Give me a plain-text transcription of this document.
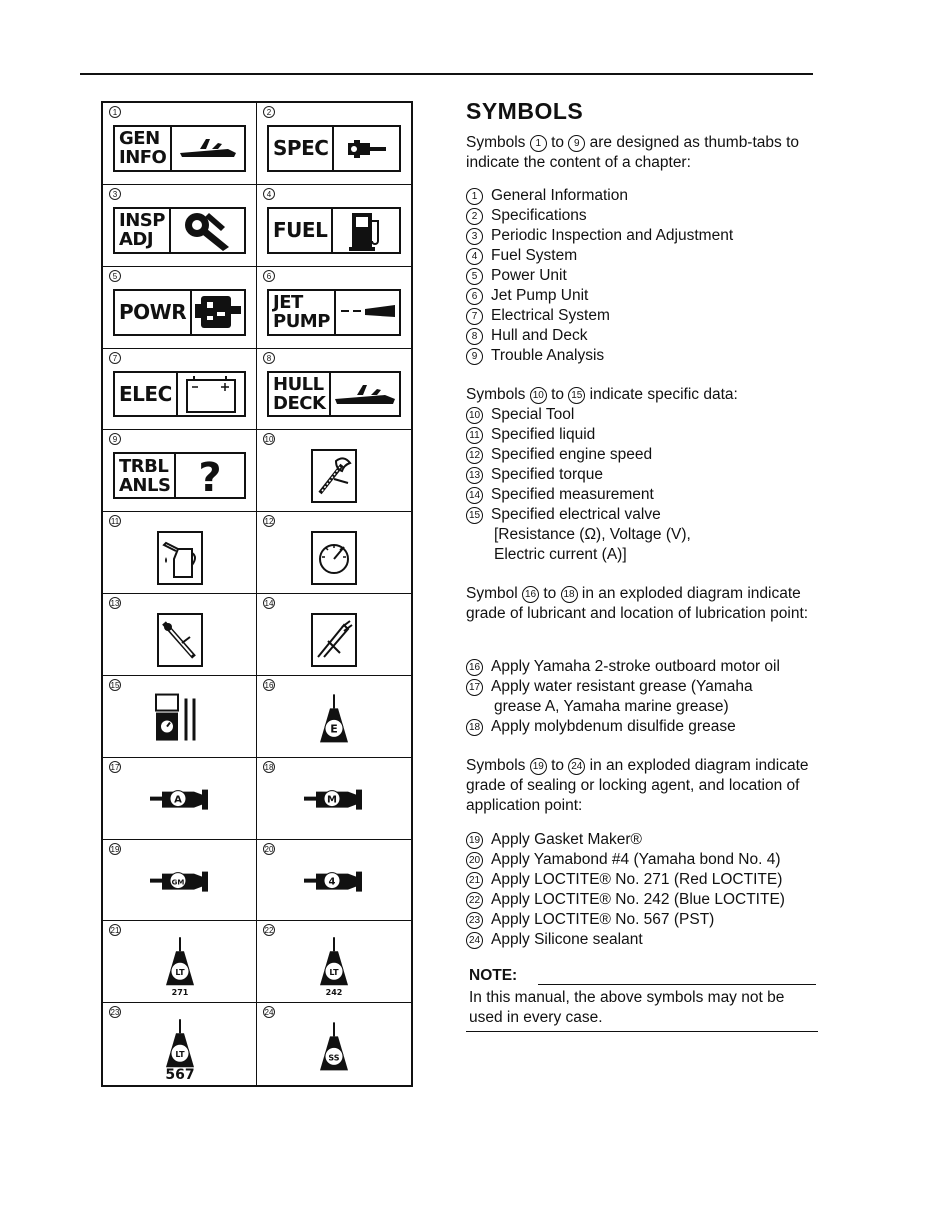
1
GEN
INFO
2
SPEC
3
INSP
ADJ
4
FUEL
5
POWR
6
JET
PUMP
7
ELEC
8
HULL
DECK
9
TRBL
ANLS ?
10
11	12
13	14
15	16
E
17
A
18
M
19
GM
20
4
21
LT
271
22
LT
242
23
LT
567
24
SS
SYMBOLS
Symbols 1 to 9 are designed as thumb-tabs to indicate the content of a chapter:
1 General Information
2 Specifications
3 Periodic Inspection and Adjustment
4 Fuel System
5 Power Unit
6 Jet Pump Unit
7 Electrical System
8 Hull and Deck
9 Trouble Analysis
Symbols 10 to 15 indicate specific data:
10 Special Tool
11 Specified liquid
12 Specified engine speed
13 Specified torque
14 Specified measurement
15 Specified electrical valve
[Resistance (Ω), Voltage (V),
Electric current (A)]
Symbol 16 to 18 in an exploded diagram indicate grade of lubricant and location of lubrication point:
16 Apply Yamaha 2-stroke outboard motor oil
17 Apply water resistant grease (Yamaha
18 Apply molybdenum disulfide grease
grease A, Yamaha marine grease)
Symbols 19 to 24 in an exploded diagram indicate grade of sealing or locking agent, and location of application point:
19 Apply Gasket Maker®
20 Apply Yamabond #4 (Yamaha bond No. 4)
21 Apply LOCTITE® No. 271 (Red LOCTITE)
22 Apply LOCTITE® No. 242 (Blue LOCTITE)
23 Apply LOCTITE® No. 567 (PST)
24 Apply Silicone sealant
NOTE:
In this manual, the above symbols may not be used in every case.
